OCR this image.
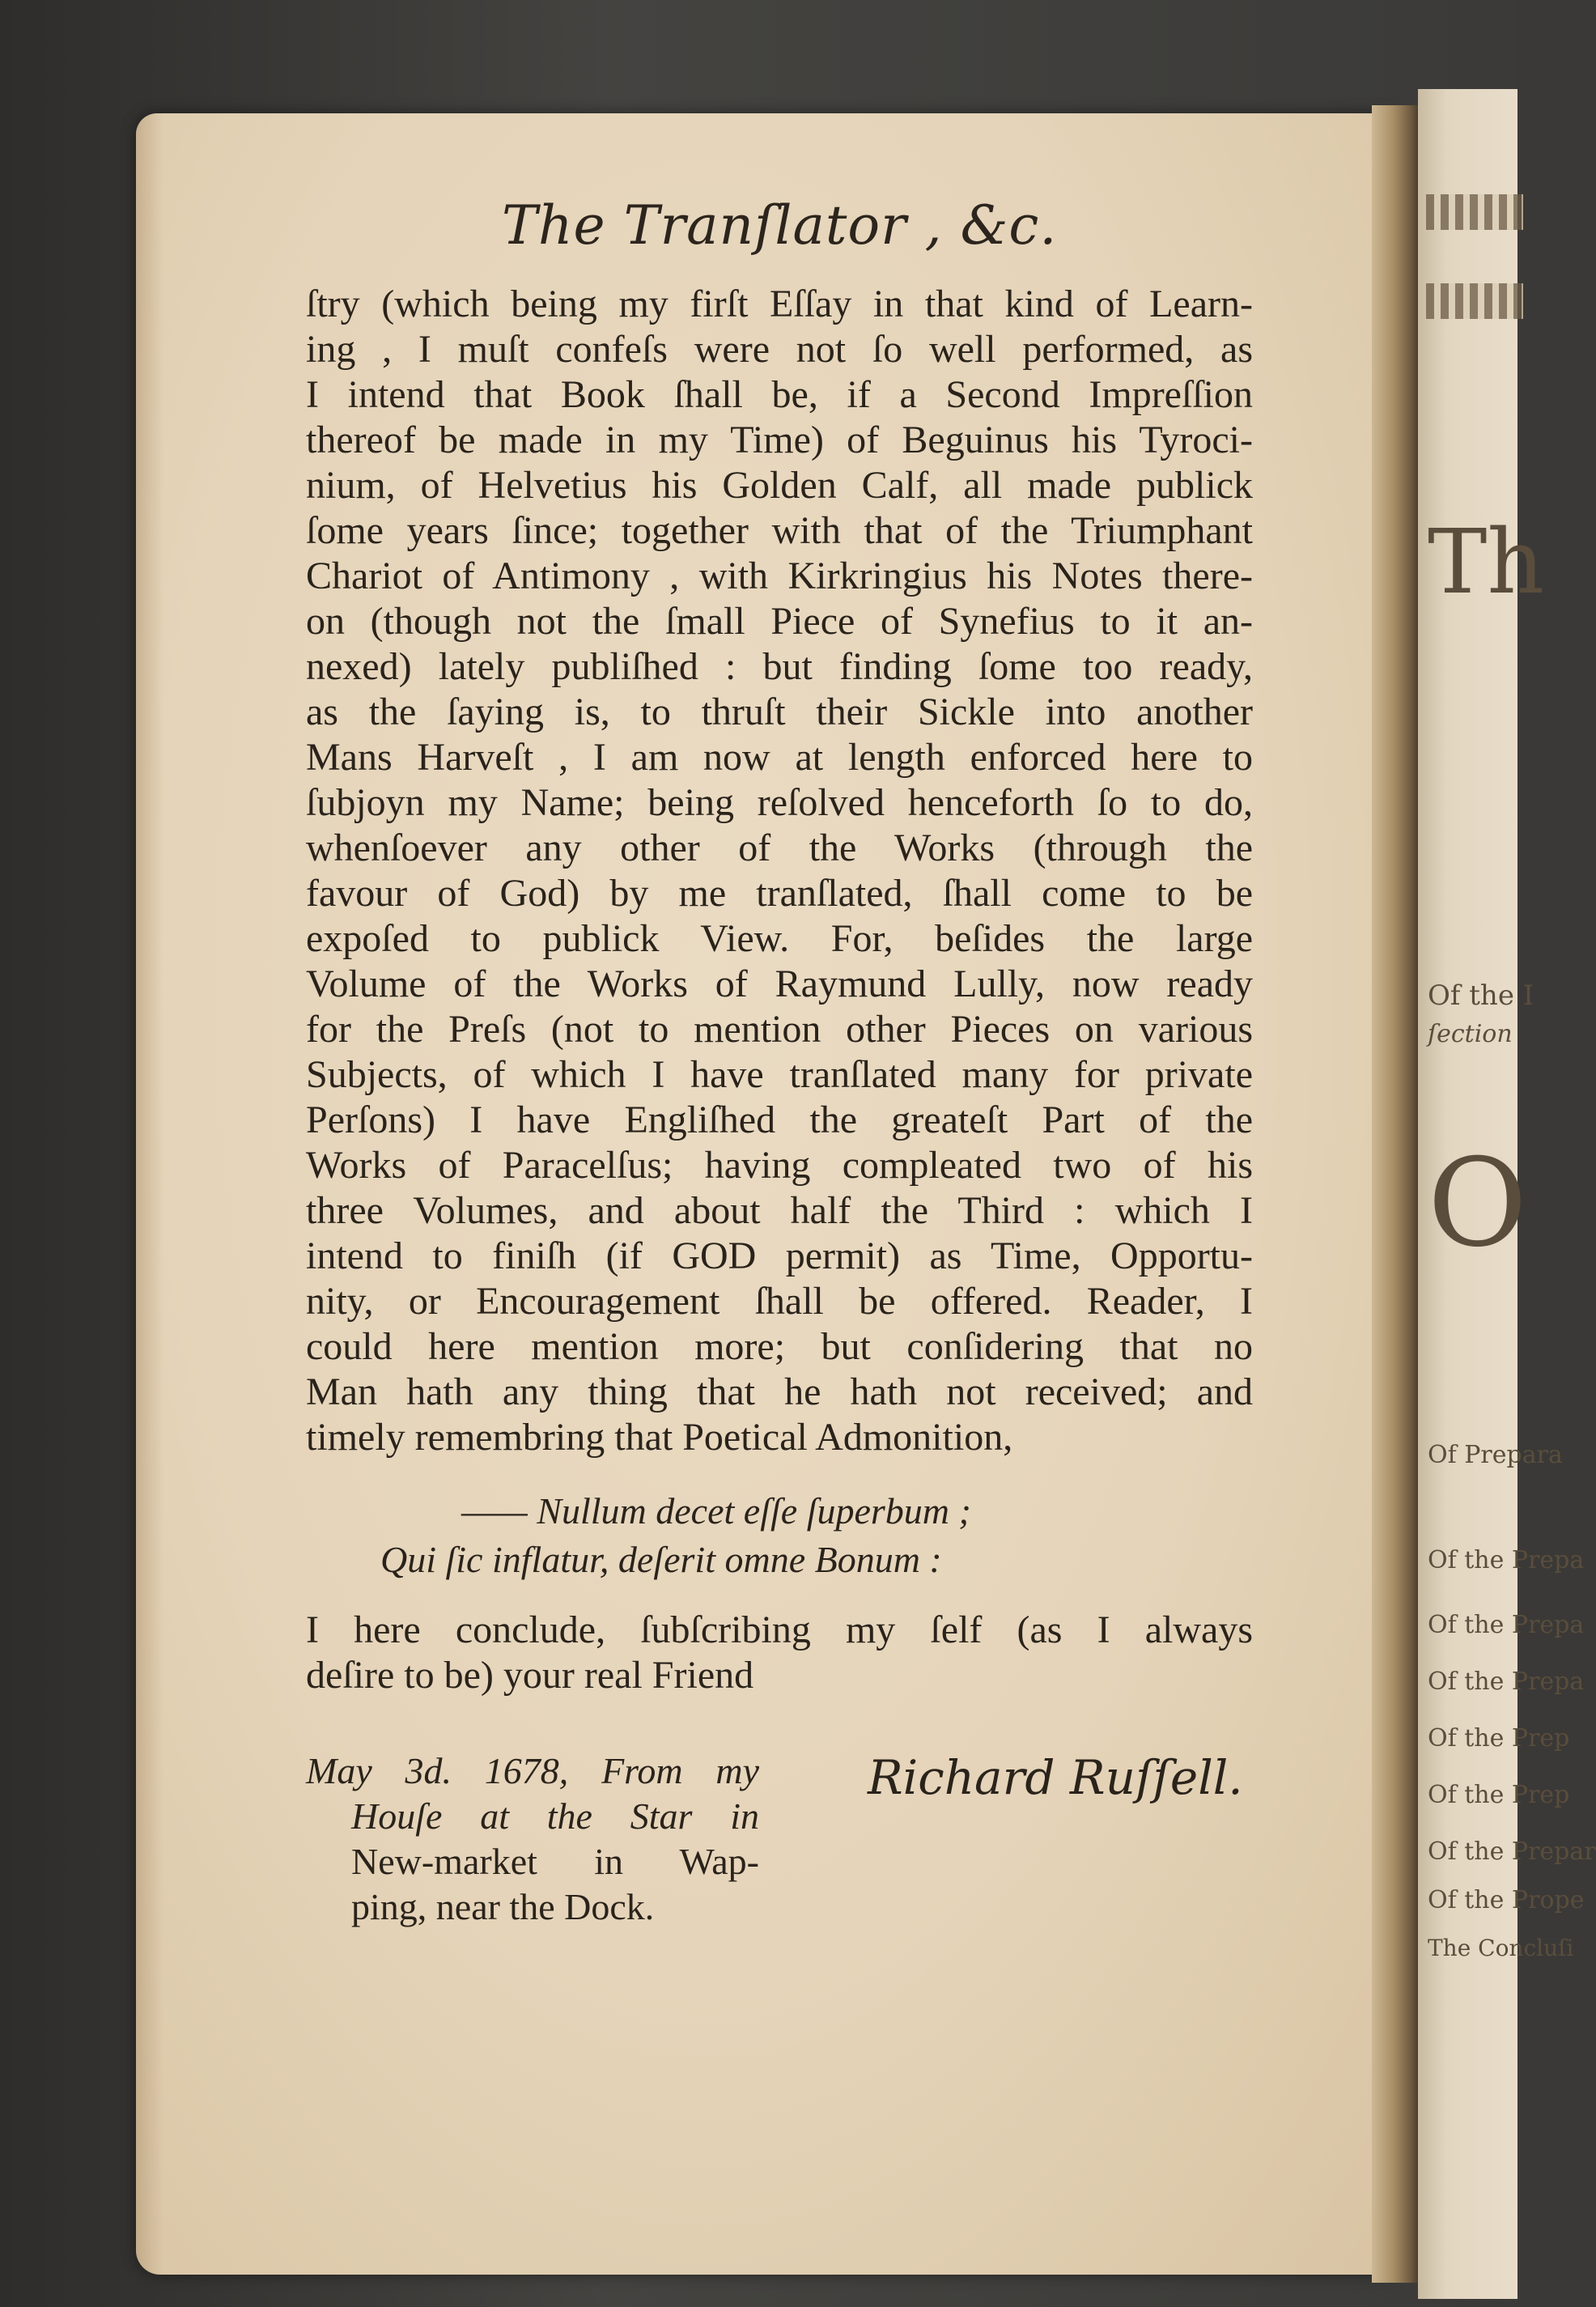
Th
Of the I
ſection
O
Of Prepara
Of the Prepa
Of the Prepa
Of the Prepa
Of the Prep
Of the Prep
Of the Prepar
Of the Prope
The Concluſi
The Tranſlator , &c.
ſtry (which being my firſt Eſſay in that kind of Learn-
ing , I muſt confeſs were not ſo well performed, as
I intend that Book ſhall be, if a Second Impreſſion
thereof be made in my Time) of Beguinus his Tyroci-
nium, of Helvetius his Golden Calf, all made publick
ſome years ſince; together with that of the Triumphant
Chariot of Antimony , with Kirkringius his Notes there-
on (though not the ſmall Piece of Synefius to it an-
nexed) lately publiſhed : but finding ſome too ready,
as the ſaying is, to thruſt their Sickle into another
Mans Harveſt , I am now at length enforced here to
ſubjoyn my Name; being reſolved henceforth ſo to do,
whenſoever any other of the Works (through the
favour of God) by me tranſlated, ſhall come to be
expoſed to publick View. For, beſides the large
Volume of the Works of Raymund Lully, now ready
for the Preſs (not to mention other Pieces on various
Subjects, of which I have tranſlated many for private
Perſons) I have Engliſhed the greateſt Part of the
Works of Paracelſus; having compleated two of his
three Volumes, and about half the Third : which I
intend to finiſh (if GOD permit) as Time, Opportu-
nity, or Encouragement ſhall be offered. Reader, I
could here mention more; but conſidering that no
Man hath any thing that he hath not received; and
timely remembring that Poetical Admonition,
—— Nullum decet eſſe ſuperbum ;
Qui ſic inflatur, deſerit omne Bonum :
I here conclude, ſubſcribing my ſelf (as I always
deſire to be) your real Friend
May 3d. 1678, From my
Houſe at the Star in
New-market in Wap-
ping, near the Dock.
Richard Ruſſell.
